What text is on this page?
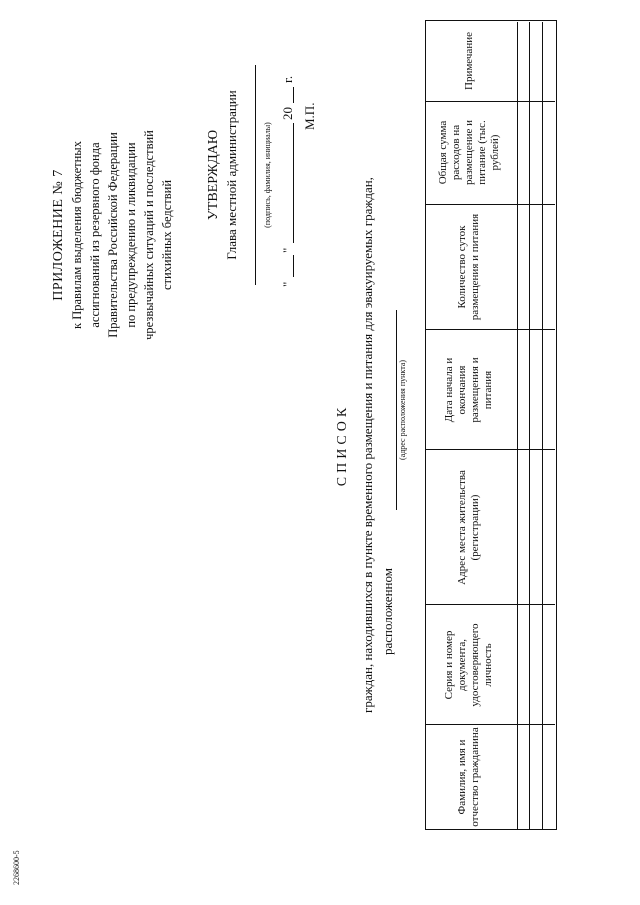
ПРИЛОЖЕНИЕ № 7 к Правилам выделения бюджетных ассигнований из резервного фонда Правительства Российской Федерации по предупреждению и ликвидации чрезвычайных ситуаций и последствий стихийных бедствий
УТВЕРЖДАЮ Глава местной администрации	(подпись, фамилия, инициалы)
"
"
20
г.
М.П.
СПИСОК граждан, находившихся в пункте временного размещения и питания для эвакуируемых граждан, расположенном
(адрес расположения пункта)
Фамилия, имя и отчество гражданина
Серия и номер документа, удостоверяющего личность
Адрес места жительства (регистрации)
Дата начала и окончания размещения и питания
Количество суток размещения и питания
Общая сумма расходов на размещение и питание (тыс. рублей)
Примечание
2268600-5
